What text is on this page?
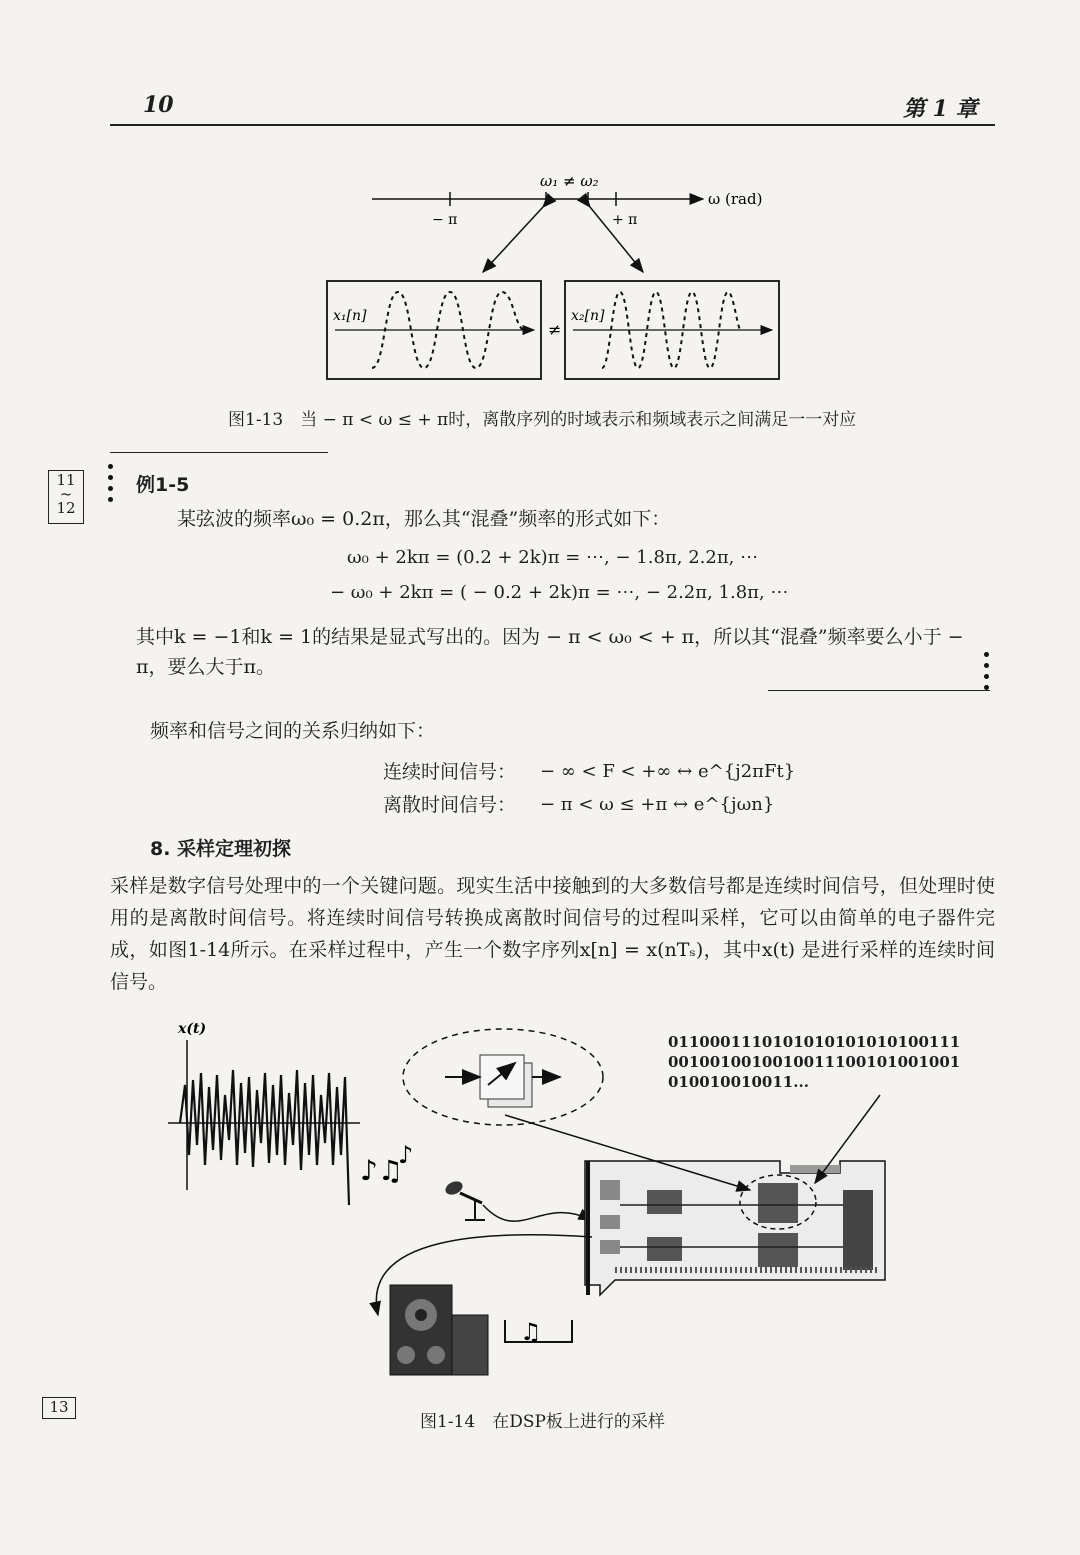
10	第 1 章
ω₁ ≠ ω₂
ω (rad)
− π	+ π
x₁[n]
≠
x₂[n]
图1-13　当 − π < ω ≤ + π时，离散序列的时域表示和频域表示之间满足一一对应
11
~
12
例1-5
某弦波的频率ω₀ = 0.2π，那么其“混叠”频率的形式如下：
ω₀ + 2kπ = (0.2 + 2k)π = ⋯, − 1.8π, 2.2π, ⋯
− ω₀ + 2kπ = ( − 0.2 + 2k)π = ⋯, − 2.2π, 1.8π, ⋯
其中k = −1和k = 1的结果是显式写出的。因为 − π < ω₀ < + π，所以其“混叠”频率要么小于 − π，要么大于π。
频率和信号之间的关系归纳如下：
连续时间信号： − ∞ < F < +∞ ↔ e^{j2πFt}
离散时间信号： − π < ω ≤ +π ↔ e^{jωn}
8. 采样定理初探
采样是数字信号处理中的一个关键问题。现实生活中接触到的大多数信号都是连续时间信号，但处理时使用的是离散时间信号。将连续时间信号转换成离散时间信号的过程叫采样，它可以由简单的电子器件完成，如图1-14所示。在采样过程中，产生一个数字序列x[n] = x(nTₛ)，其中x(t) 是进行采样的连续时间信号。
x(t)
♪♫
♪
♫
0110001110101010101010100111
0010010010010011100101001001
010010010011...
13
图1-14　在DSP板上进行的采样
